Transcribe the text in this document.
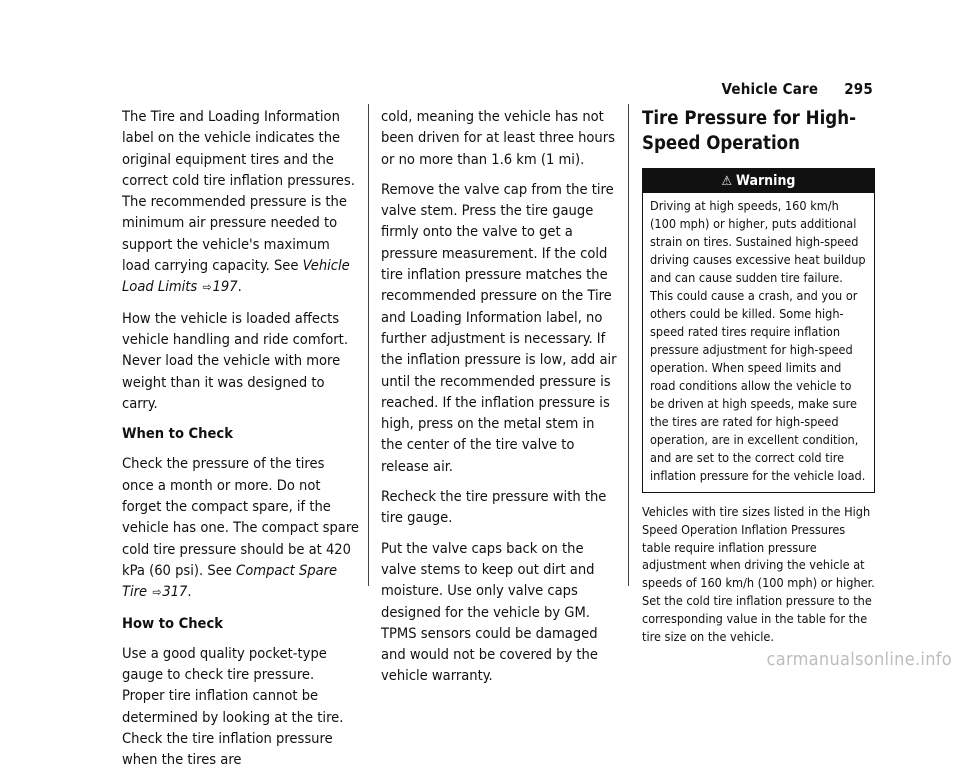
Vehicle Care 295

The Tire and Loading Information label on the vehicle indicates the original equipment tires and the correct cold tire inflation pressures. The recommended pressure is the minimum air pressure needed to support the vehicle's maximum load carrying capacity. See Vehicle Load Limits ⇨197.

How the vehicle is loaded affects vehicle handling and ride comfort. Never load the vehicle with more weight than it was designed to carry.

When to Check

Check the pressure of the tires once a month or more. Do not forget the compact spare, if the vehicle has one. The compact spare cold tire pressure should be at 420 kPa (60 psi). See Compact Spare Tire ⇨317.

How to Check

Use a good quality pocket-type gauge to check tire pressure. Proper tire inflation cannot be determined by looking at the tire. Check the tire inflation pressure when the tires are

cold, meaning the vehicle has not been driven for at least three hours or no more than 1.6 km (1 mi).

Remove the valve cap from the tire valve stem. Press the tire gauge firmly onto the valve to get a pressure measurement. If the cold tire inflation pressure matches the recommended pressure on the Tire and Loading Information label, no further adjustment is necessary. If the inflation pressure is low, add air until the recommended pressure is reached. If the inflation pressure is high, press on the metal stem in the center of the tire valve to release air.

Recheck the tire pressure with the tire gauge.

Put the valve caps back on the valve stems to keep out dirt and moisture. Use only valve caps designed for the vehicle by GM. TPMS sensors could be damaged and would not be covered by the vehicle warranty.

Tire Pressure for High-Speed Operation
⚠ Warning
Driving at high speeds, 160 km/h (100 mph) or higher, puts additional strain on tires. Sustained high-speed driving causes excessive heat buildup and can cause sudden tire failure. This could cause a crash, and you or others could be killed. Some high-speed rated tires require inflation pressure adjustment for high-speed operation. When speed limits and road conditions allow the vehicle to be driven at high speeds, make sure the tires are rated for high-speed operation, are in excellent condition, and are set to the correct cold tire inflation pressure for the vehicle load.

Vehicles with tire sizes listed in the High Speed Operation Inflation Pressures table require inflation pressure adjustment when driving the vehicle at speeds of 160 km/h (100 mph) or higher. Set the cold tire inflation pressure to the corresponding value in the table for the tire size on the vehicle.

carmanualsonline.info
